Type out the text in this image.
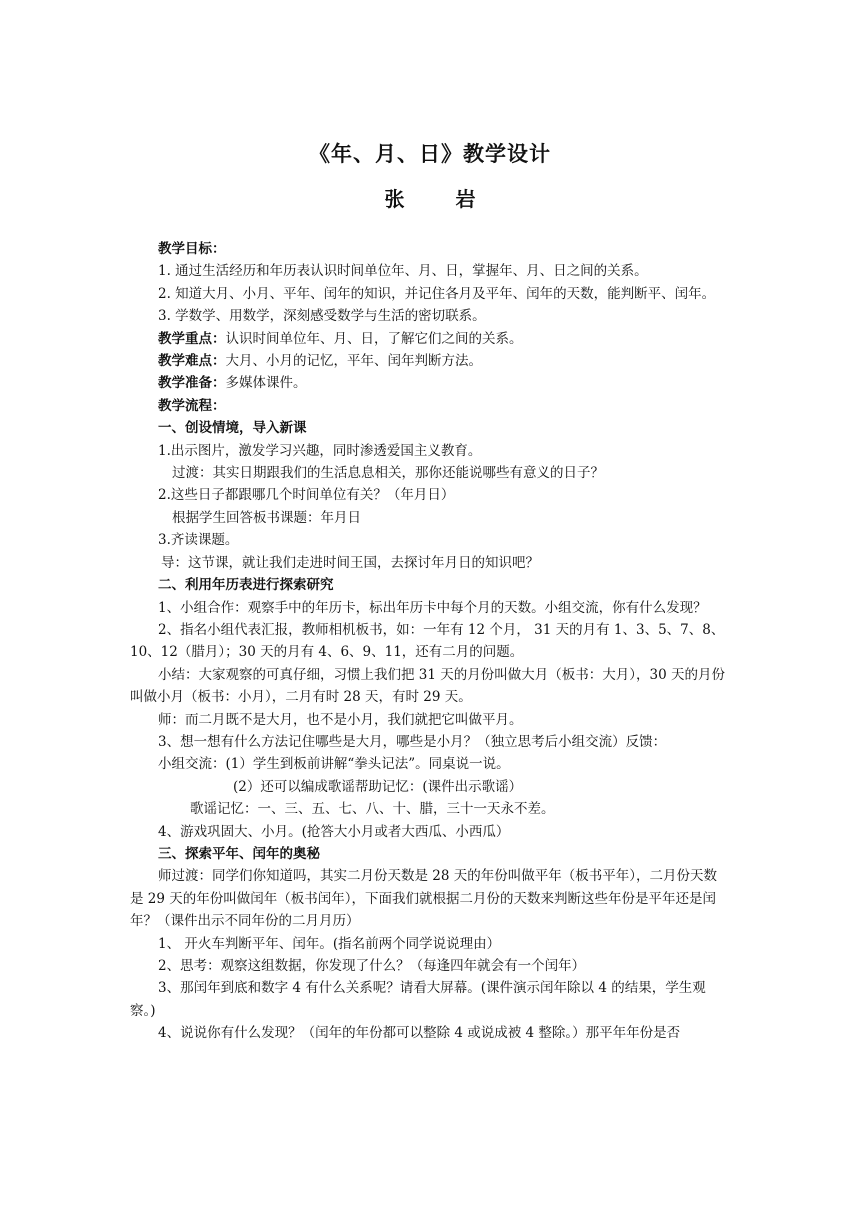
《年、月、日》教学设计
张 岩

教学目标：

1. 通过生活经历和年历表认识时间单位年、月、日，掌握年、月、日之间的关系。

2. 知道大月、小月、平年、闰年的知识，并记住各月及平年、闰年的天数，能判断平、闰年。

3. 学数学、用数学，深刻感受数学与生活的密切联系。

教学重点：认识时间单位年、月、日，了解它们之间的关系。

教学难点：大月、小月的记忆，平年、闰年判断方法。

教学准备：多媒体课件。

教学流程：

一、创设情境，导入新课

1.出示图片，激发学习兴趣，同时渗透爱国主义教育。

过渡：其实日期跟我们的生活息息相关，那你还能说哪些有意义的日子？

2.这些日子都跟哪几个时间单位有关？（年月日）

根据学生回答板书课题：年月日

3.齐读课题。

导：这节课，就让我们走进时间王国，去探讨年月日的知识吧？

二、利用年历表进行探索研究

1、小组合作：观察手中的年历卡，标出年历卡中每个月的天数。小组交流，你有什么发现？

2、指名小组代表汇报，教师相机板书，如：一年有 12 个月， 31 天的月有 1、3、5、7、8、10、12（腊月）；30 天的月有 4、6、9、11，还有二月的问题。

小结：大家观察的可真仔细，习惯上我们把 31 天的月份叫做大月（板书：大月），30 天的月份叫做小月（板书：小月），二月有时 28 天，有时 29 天。

师：而二月既不是大月，也不是小月，我们就把它叫做平月。

3、想一想有什么方法记住哪些是大月，哪些是小月？（独立思考后小组交流）反馈：

小组交流：(1）学生到板前讲解“拳头记法”。同桌说一说。

(2）还可以编成歌谣帮助记忆：(课件出示歌谣）

歌谣记忆：一、三、五、七、八、十、腊，三十一天永不差。

4、游戏巩固大、小月。(抢答大小月或者大西瓜、小西瓜）

三、探索平年、闰年的奥秘

师过渡：同学们你知道吗，其实二月份天数是 28 天的年份叫做平年（板书平年），二月份天数是 29 天的年份叫做闰年（板书闰年），下面我们就根据二月份的天数来判断这些年份是平年还是闰年？（课件出示不同年份的二月月历）

1、 开火车判断平年、闰年。(指名前两个同学说说理由）

2、思考：观察这组数据，你发现了什么？（每逢四年就会有一个闰年）

3、那闰年到底和数字 4 有什么关系呢？请看大屏幕。(课件演示闰年除以 4 的结果，学生观察。)

4、说说你有什么发现？（闰年的年份都可以整除 4 或说成被 4 整除。）那平年年份是否
